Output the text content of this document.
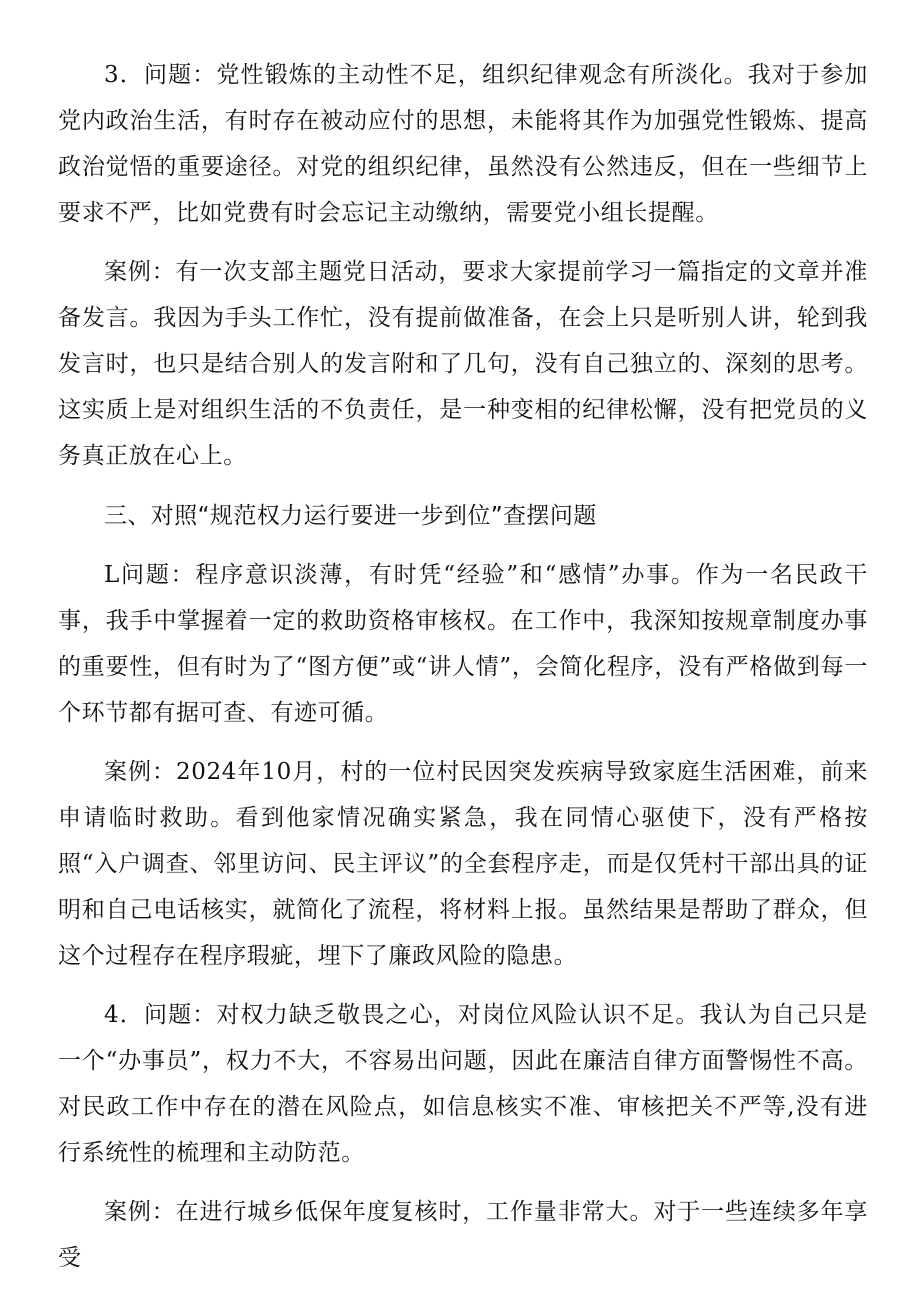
3．问题：党性锻炼的主动性不足，组织纪律观念有所淡化。我对于参加党内政治生活，有时存在被动应付的思想，未能将其作为加强党性锻炼、提高政治觉悟的重要途径。对党的组织纪律，虽然没有公然违反，但在一些细节上要求不严，比如党费有时会忘记主动缴纳，需要党小组长提醒。

案例：有一次支部主题党日活动，要求大家提前学习一篇指定的文章并准备发言。我因为手头工作忙，没有提前做准备，在会上只是听别人讲，轮到我发言时，也只是结合别人的发言附和了几句，没有自己独立的、深刻的思考。这实质上是对组织生活的不负责任，是一种变相的纪律松懈，没有把党员的义务真正放在心上。

三、对照“规范权力运行要进一步到位”查摆问题

L问题：程序意识淡薄，有时凭“经验”和“感情”办事。作为一名民政干事，我手中掌握着一定的救助资格审核权。在工作中，我深知按规章制度办事的重要性，但有时为了“图方便”或“讲人情”，会简化程序，没有严格做到每一个环节都有据可查、有迹可循。

案例：2024年10月，村的一位村民因突发疾病导致家庭生活困难，前来申请临时救助。看到他家情况确实紧急，我在同情心驱使下，没有严格按照“入户调查、邻里访问、民主评议”的全套程序走，而是仅凭村干部出具的证明和自己电话核实，就简化了流程，将材料上报。虽然结果是帮助了群众，但这个过程存在程序瑕疵，埋下了廉政风险的隐患。

4．问题：对权力缺乏敬畏之心，对岗位风险认识不足。我认为自己只是一个“办事员”，权力不大，不容易出问题，因此在廉洁自律方面警惕性不高。对民政工作中存在的潜在风险点，如信息核实不准、审核把关不严等,没有进行系统性的梳理和主动防范。

案例：在进行城乡低保年度复核时，工作量非常大。对于一些连续多年享受
